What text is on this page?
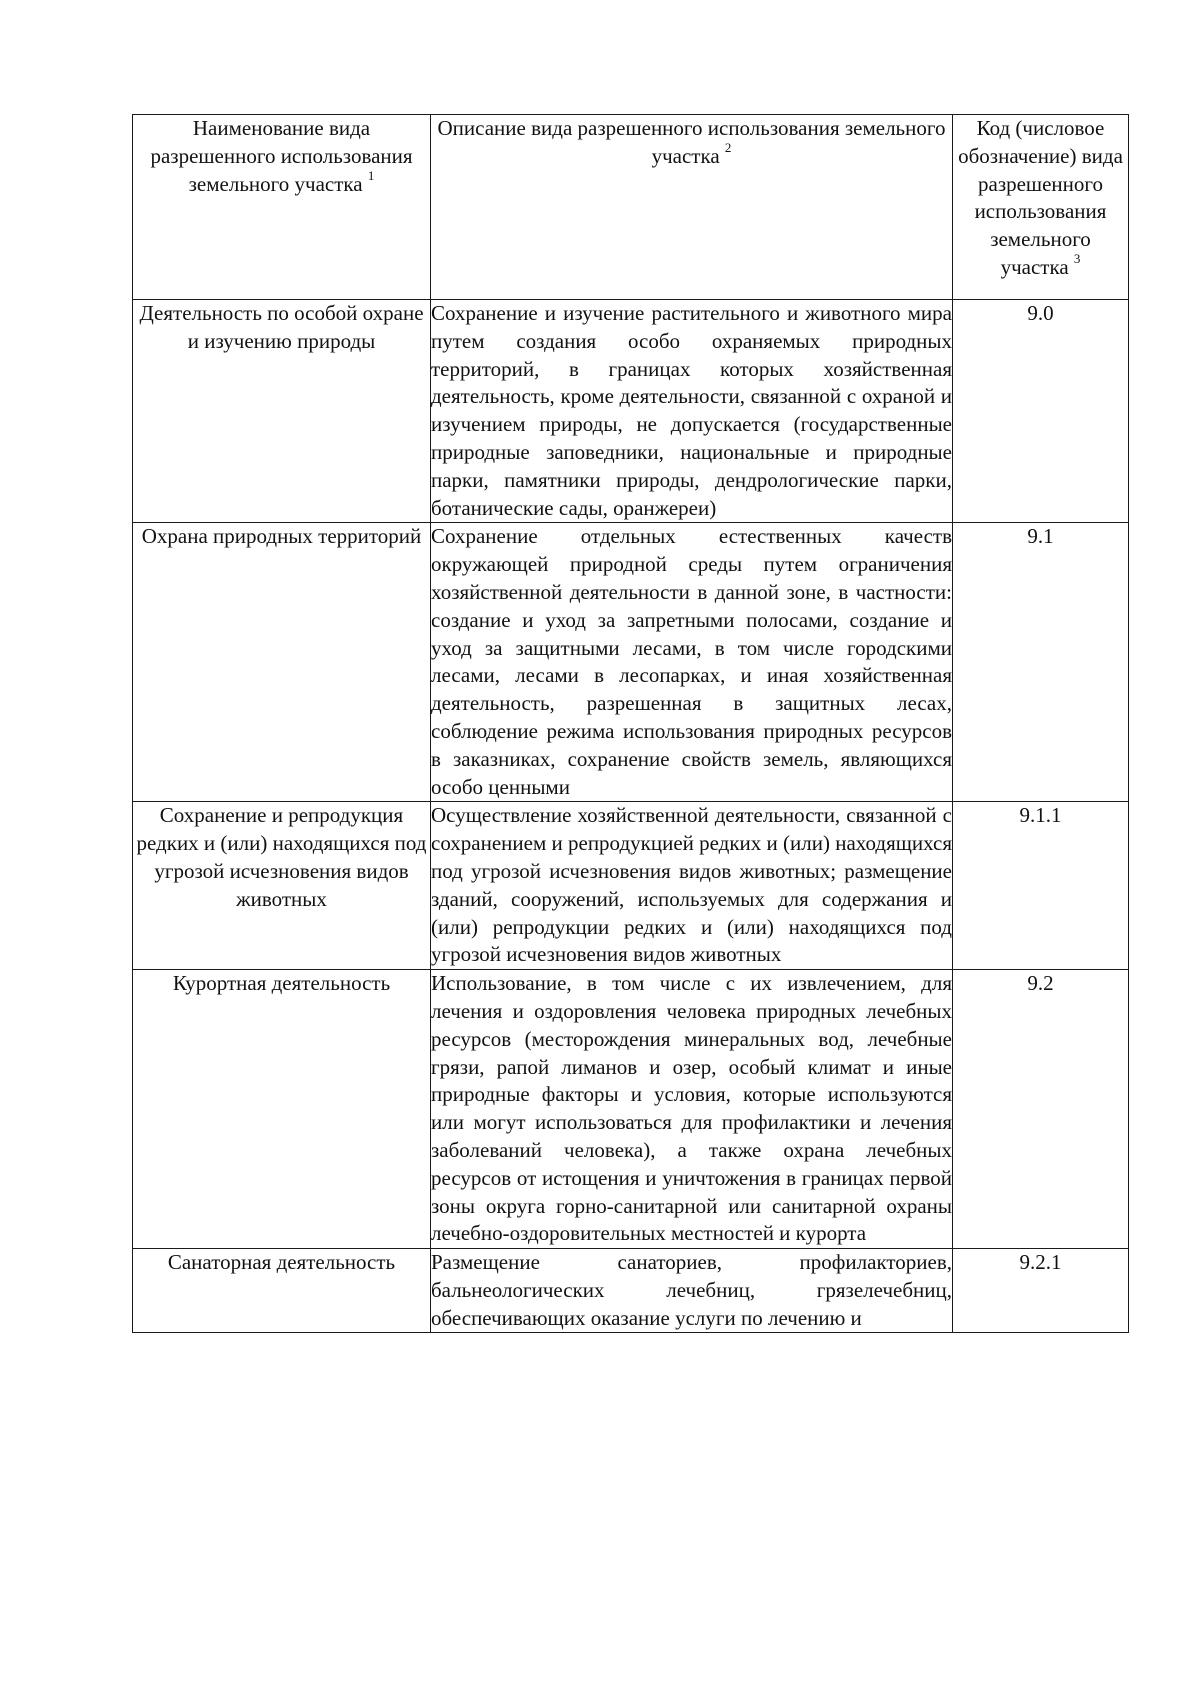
Наименование вида разрешенного использования земельного участка $^1$	Описание вида разрешенного использования земельного участка $^2$	Код (числовое обозначение) вида разрешенного использования земельного участка $^3$
Деятельность по особой охране и изучению природы	Сохранение и изучение растительного и животного мира путем создания особо охраняемых природных территорий, в границах которых хозяйственная деятельность, кроме деятельности, связанной с охраной и изучением природы, не допускается (государственные природные заповедники, национальные и природные парки, памятники природы, дендрологические парки, ботанические сады, оранжереи)	9.0
Охрана природных территорий	Сохранение отдельных естественных качеств окружающей природной среды путем ограничения хозяйственной деятельности в данной зоне, в частности: создание и уход за запретными полосами, создание и уход за защитными лесами, в том числе городскими лесами, лесами в лесопарках, и иная хозяйственная деятельность, разрешенная в защитных лесах, соблюдение режима использования природных ресурсов в заказниках, сохранение свойств земель, являющихся особо ценными	9.1
Сохранение и репродукция редких и (или) находящихся под угрозой исчезновения видов животных	Осуществление хозяйственной деятельности, связанной с сохранением и репродукцией редких и (или) находящихся под угрозой исчезновения видов животных; размещение зданий, сооружений, используемых для содержания и (или) репродукции редких и (или) находящихся под угрозой исчезновения видов животных	9.1.1
Курортная деятельность	Использование, в том числе с их извлечением, для лечения и оздоровления человека природных лечебных ресурсов (месторождения минеральных вод, лечебные грязи, рапой лиманов и озер, особый климат и иные природные факторы и условия, которые используются или могут использоваться для профилактики и лечения заболеваний человека), а также охрана лечебных ресурсов от истощения и уничтожения в границах первой зоны округа горно-санитарной или санитарной охраны лечебно-оздоровительных местностей и курорта	9.2
Санаторная деятельность	Размещение санаториев, профилакториев, бальнеологических лечебниц, грязелечебниц, обеспечивающих оказание услуги по лечению и	9.2.1
